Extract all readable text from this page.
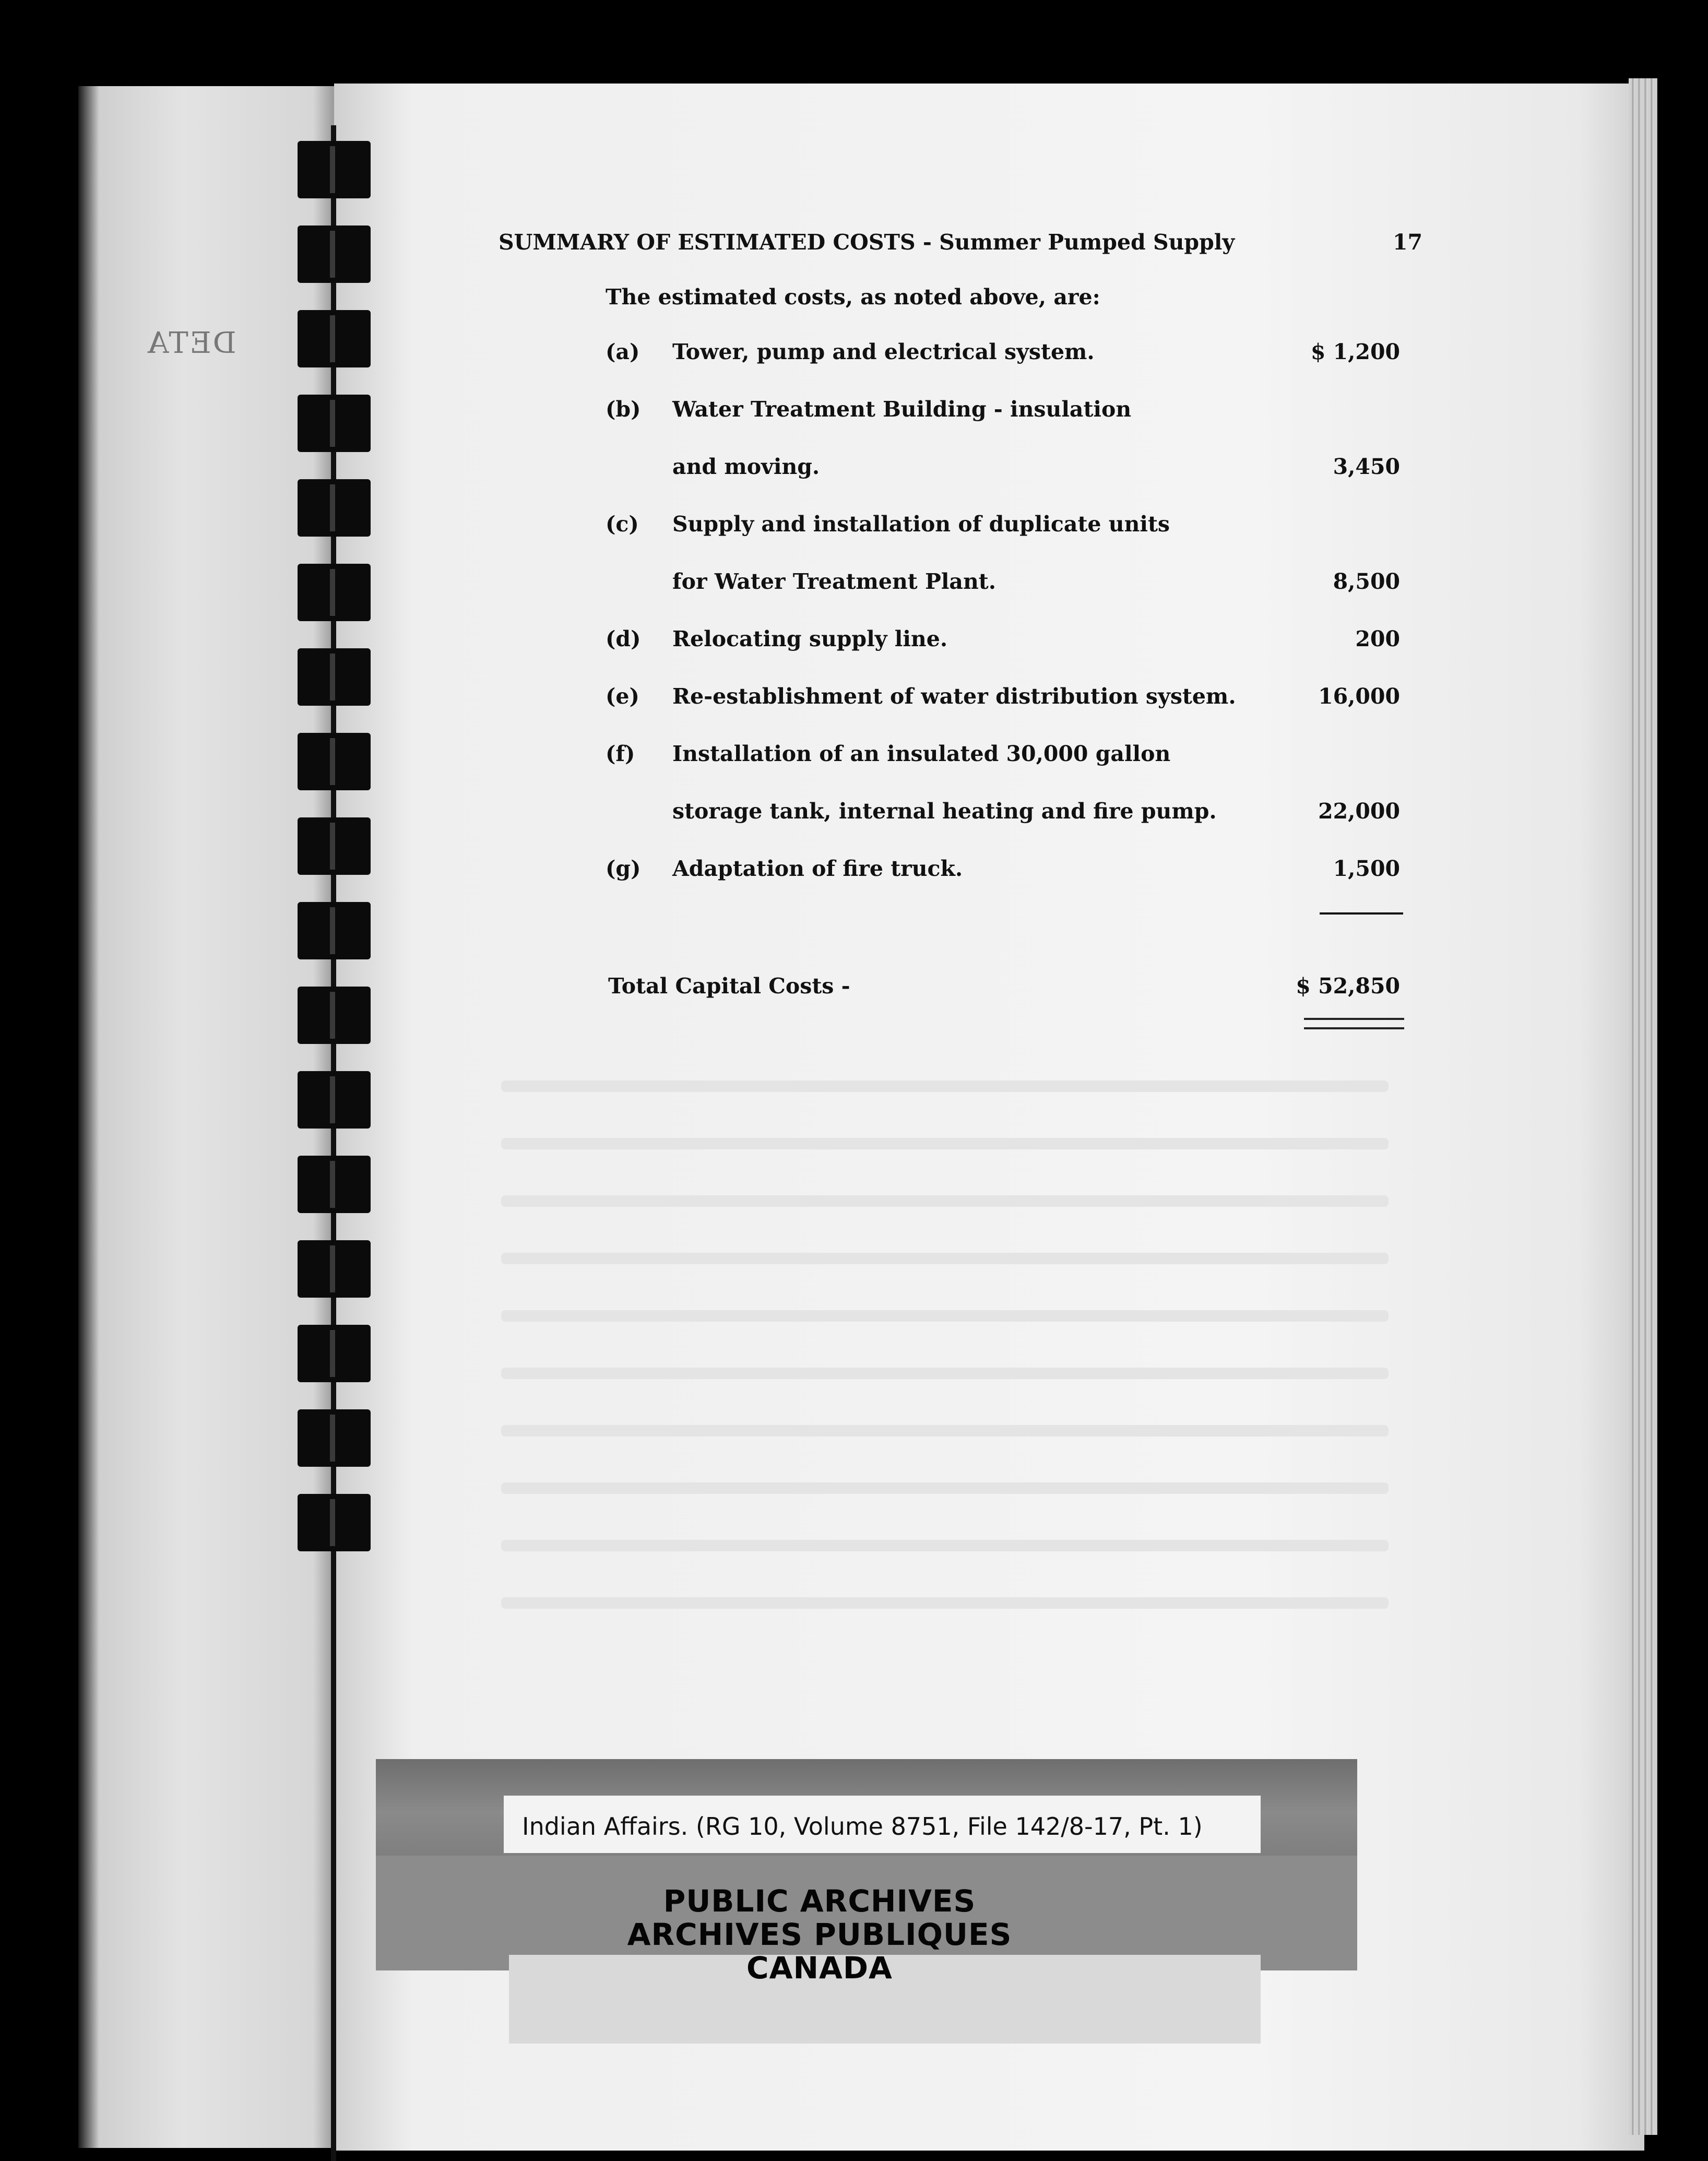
DETA
SUMMARY OF ESTIMATED COSTS - Summer Pumped Supply	17
The estimated costs, as noted above, are:
(a) Tower, pump and electrical system.	$ 1,200
(b) Water Treatment Building - insulation
and moving.	3,450
(c) Supply and installation of duplicate units
for Water Treatment Plant.	8,500
(d) Relocating supply line.	200
(e) Re-establishment of water distribution system.	16,000
(f) Installation of an insulated 30,000 gallon
storage tank, internal heating and fire pump.	22,000
(g) Adaptation of fire truck.	1,500
Total Capital Costs -	$ 52,850
Indian Affairs. (RG 10, Volume 8751, File 142/8-17, Pt. 1)
PUBLIC ARCHIVES
ARCHIVES PUBLIQUES
CANADA
